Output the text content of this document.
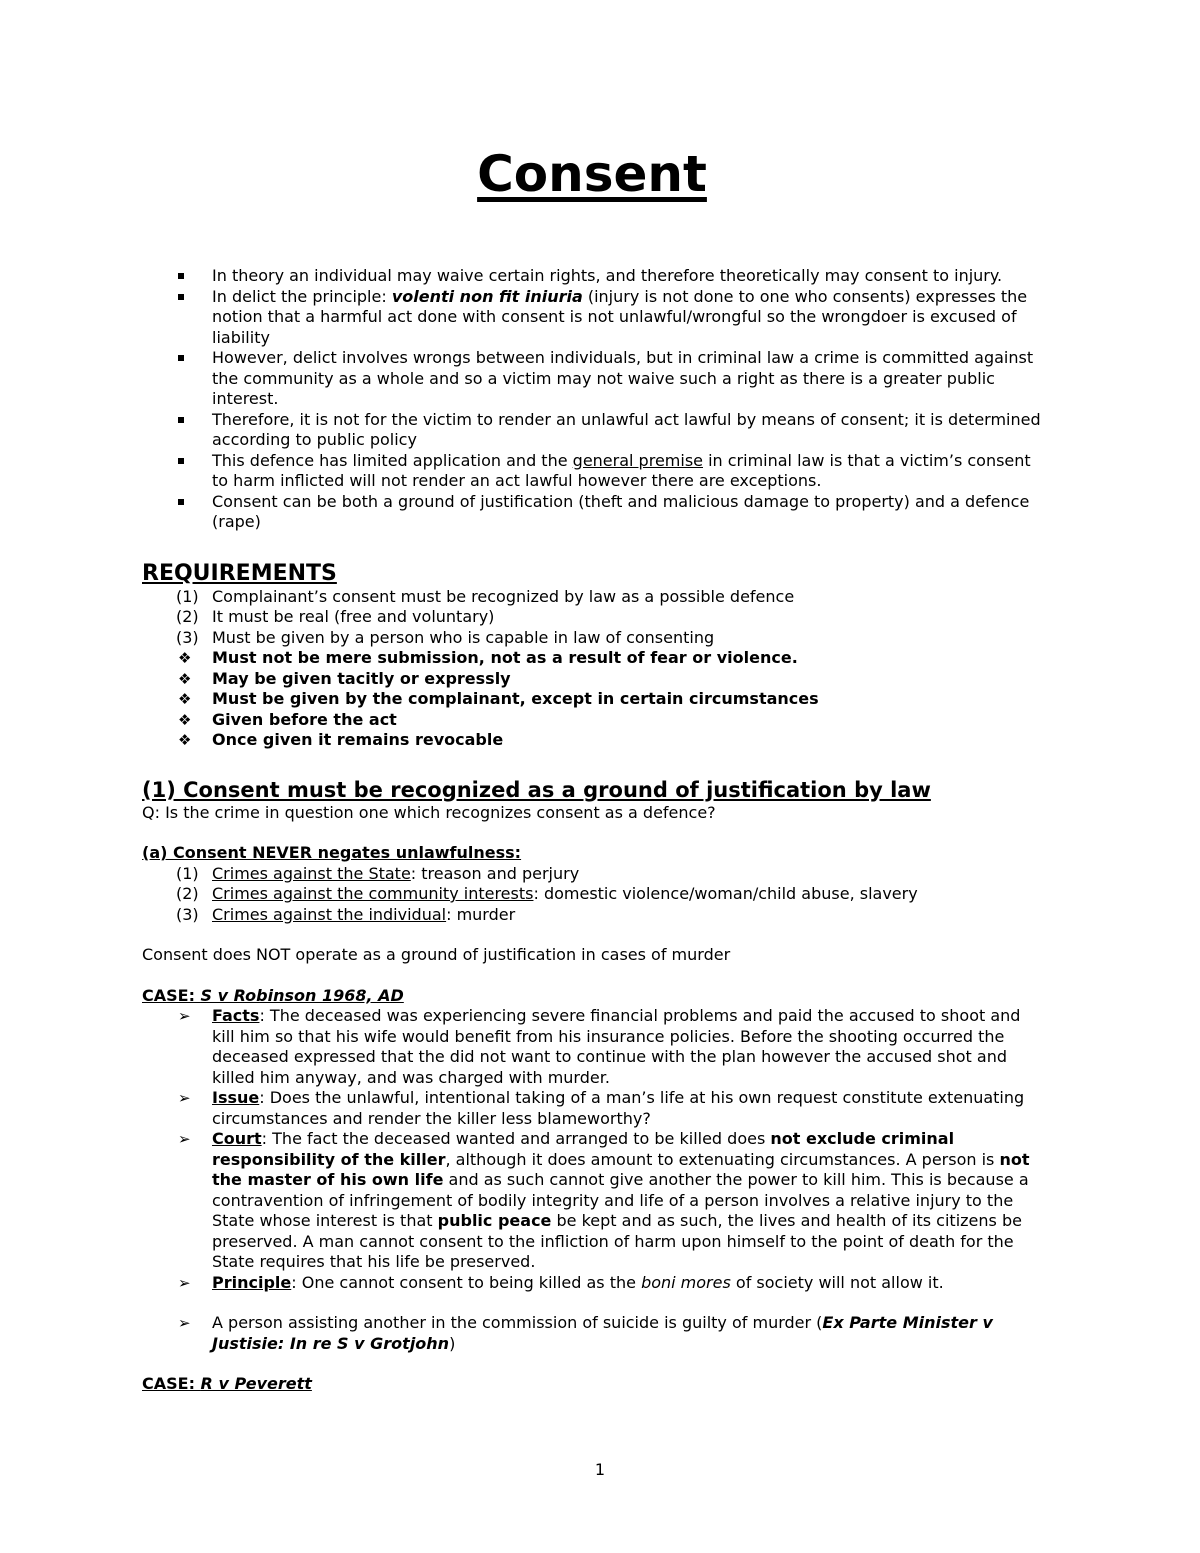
Consent
In theory an individual may waive certain rights, and therefore theoretically may consent to injury.
In delict the principle: volenti non fit iniuria (injury is not done to one who consents) expresses the notion that a harmful act done with consent is not unlawful/wrongful so the wrongdoer is excused of liability
However, delict involves wrongs between individuals, but in criminal law a crime is committed against the community as a whole and so a victim may not waive such a right as there is a greater public interest.
Therefore, it is not for the victim to render an unlawful act lawful by means of consent; it is determined according to public policy
This defence has limited application and the general premise in criminal law is that a victim’s consent to harm inflicted will not render an act lawful however there are exceptions.
Consent can be both a ground of justification (theft and malicious damage to property) and a defence (rape)
REQUIREMENTS
(1) Complainant’s consent must be recognized by law as a possible defence
(2) It must be real (free and voluntary)
(3) Must be given by a person who is capable in law of consenting
❖ Must not be mere submission, not as a result of fear or violence.
❖ May be given tacitly or expressly
❖ Must be given by the complainant, except in certain circumstances
❖ Given before the act
❖ Once given it remains revocable
(1) Consent must be recognized as a ground of justification by law
Q: Is the crime in question one which recognizes consent as a defence?
(a) Consent NEVER negates unlawfulness:
(1) Crimes against the State: treason and perjury
(2) Crimes against the community interests: domestic violence/woman/child abuse, slavery
(3) Crimes against the individual: murder
Consent does NOT operate as a ground of justification in cases of murder
CASE: S v Robinson 1968, AD
➢ Facts: The deceased was experiencing severe financial problems and paid the accused to shoot and kill him so that his wife would benefit from his insurance policies. Before the shooting occurred the deceased expressed that the did not want to continue with the plan however the accused shot and killed him anyway, and was charged with murder.
➢ Issue: Does the unlawful, intentional taking of a man’s life at his own request constitute extenuating circumstances and render the killer less blameworthy?
➢ Court: The fact the deceased wanted and arranged to be killed does not exclude criminal responsibility of the killer, although it does amount to extenuating circumstances. A person is not the master of his own life and as such cannot give another the power to kill him. This is because a contravention of infringement of bodily integrity and life of a person involves a relative injury to the State whose interest is that public peace be kept and as such, the lives and health of its citizens be preserved. A man cannot consent to the infliction of harm upon himself to the point of death for the State requires that his life be preserved.
➢ Principle: One cannot consent to being killed as the boni mores of society will not allow it.
➢ A person assisting another in the commission of suicide is guilty of murder (Ex Parte Minister v Justisie: In re S v Grotjohn)
CASE: R v Peverett
1
